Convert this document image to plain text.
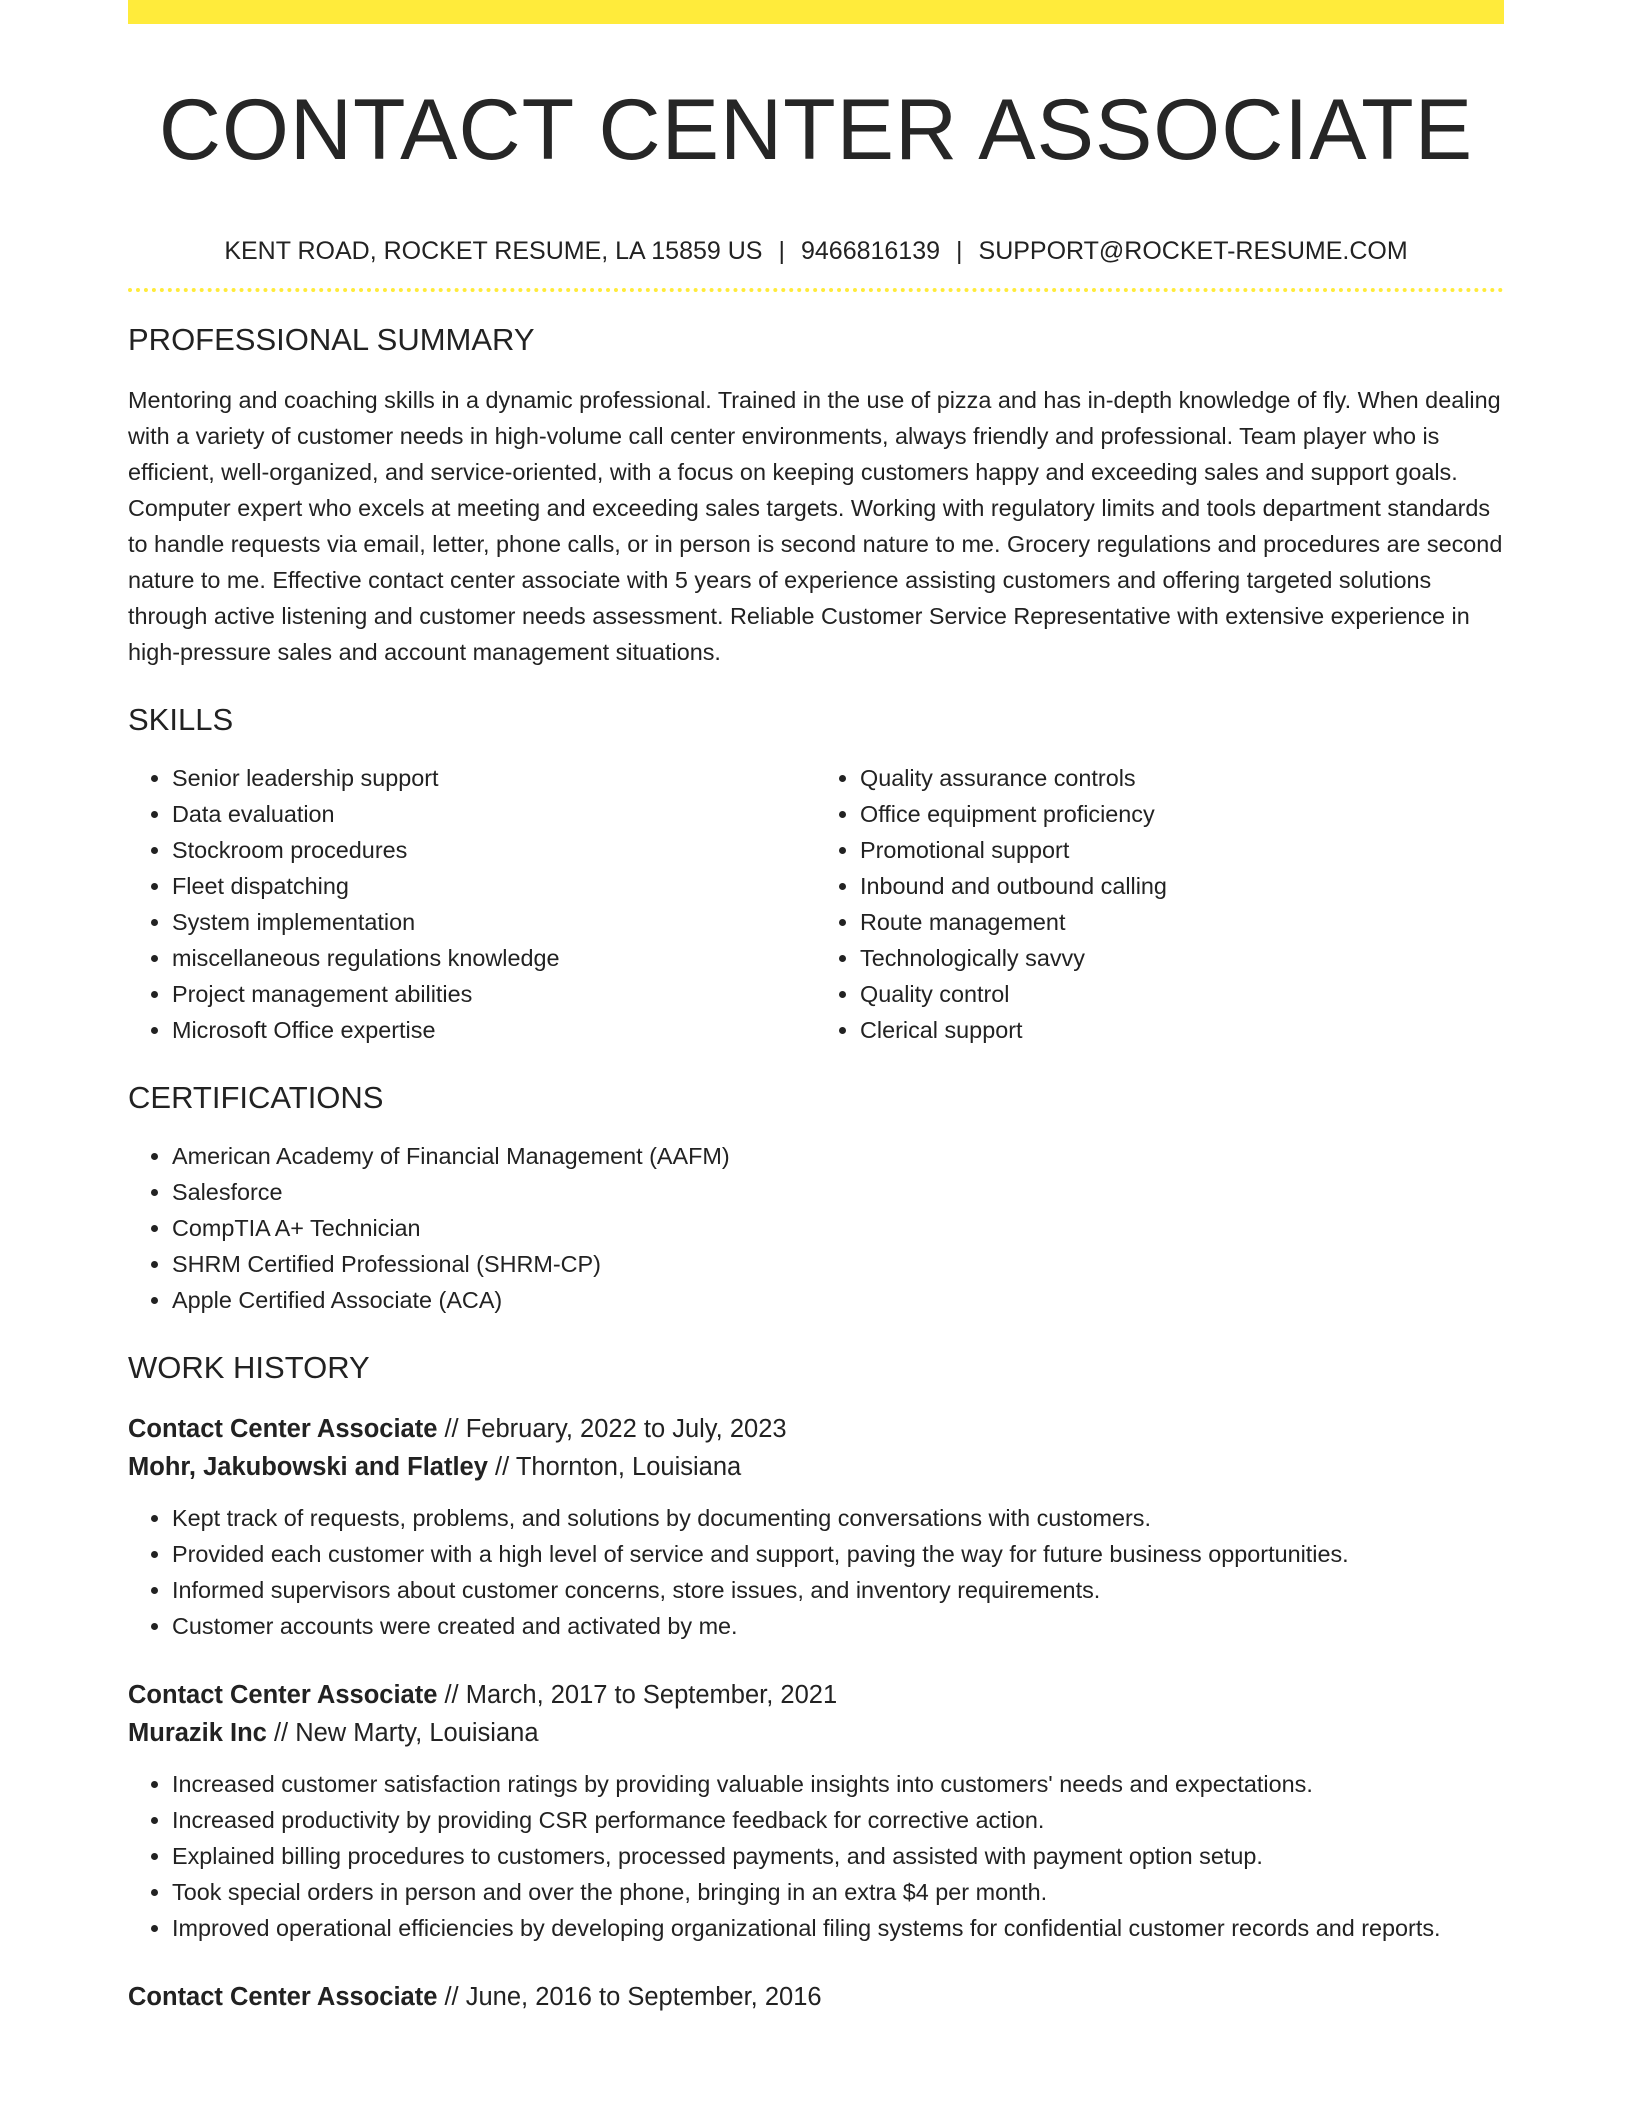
CONTACT CENTER ASSOCIATE
KENT ROAD, ROCKET RESUME, LA 15859 US | 9466816139 | SUPPORT@ROCKET-RESUME.COM
PROFESSIONAL SUMMARY

Mentoring and coaching skills in a dynamic professional. Trained in the use of pizza and has in-depth knowledge of fly. When dealing with a variety of customer needs in high-volume call center environments, always friendly and professional. Team player who is efficient, well-organized, and service-oriented, with a focus on keeping customers happy and exceeding sales and support goals. Computer expert who excels at meeting and exceeding sales targets. Working with regulatory limits and tools department standards to handle requests via email, letter, phone calls, or in person is second nature to me. Grocery regulations and procedures are second nature to me. Effective contact center associate with 5 years of experience assisting customers and offering targeted solutions through active listening and customer needs assessment. Reliable Customer Service Representative with extensive experience in high-pressure sales and account management situations.

SKILLS
• Senior leadership support
• Data evaluation
• Stockroom procedures
• Fleet dispatching
• System implementation
• miscellaneous regulations knowledge
• Project management abilities
• Microsoft Office expertise
• Quality assurance controls
• Office equipment proficiency
• Promotional support
• Inbound and outbound calling
• Route management
• Technologically savvy
• Quality control
• Clerical support
CERTIFICATIONS
• American Academy of Financial Management (AAFM)
• Salesforce
• CompTIA A+ Technician
• SHRM Certified Professional (SHRM-CP)
• Apple Certified Associate (ACA)
WORK HISTORY
Contact Center Associate // February, 2022 to July, 2023
Mohr, Jakubowski and Flatley // Thornton, Louisiana
• Kept track of requests, problems, and solutions by documenting conversations with customers.
• Provided each customer with a high level of service and support, paving the way for future business opportunities.
• Informed supervisors about customer concerns, store issues, and inventory requirements.
• Customer accounts were created and activated by me.
Contact Center Associate // March, 2017 to September, 2021
Murazik Inc // New Marty, Louisiana
• Increased customer satisfaction ratings by providing valuable insights into customers' needs and expectations.
• Increased productivity by providing CSR performance feedback for corrective action.
• Explained billing procedures to customers, processed payments, and assisted with payment option setup.
• Took special orders in person and over the phone, bringing in an extra $4 per month.
• Improved operational efficiencies by developing organizational filing systems for confidential customer records and reports.
Contact Center Associate // June, 2016 to September, 2016
